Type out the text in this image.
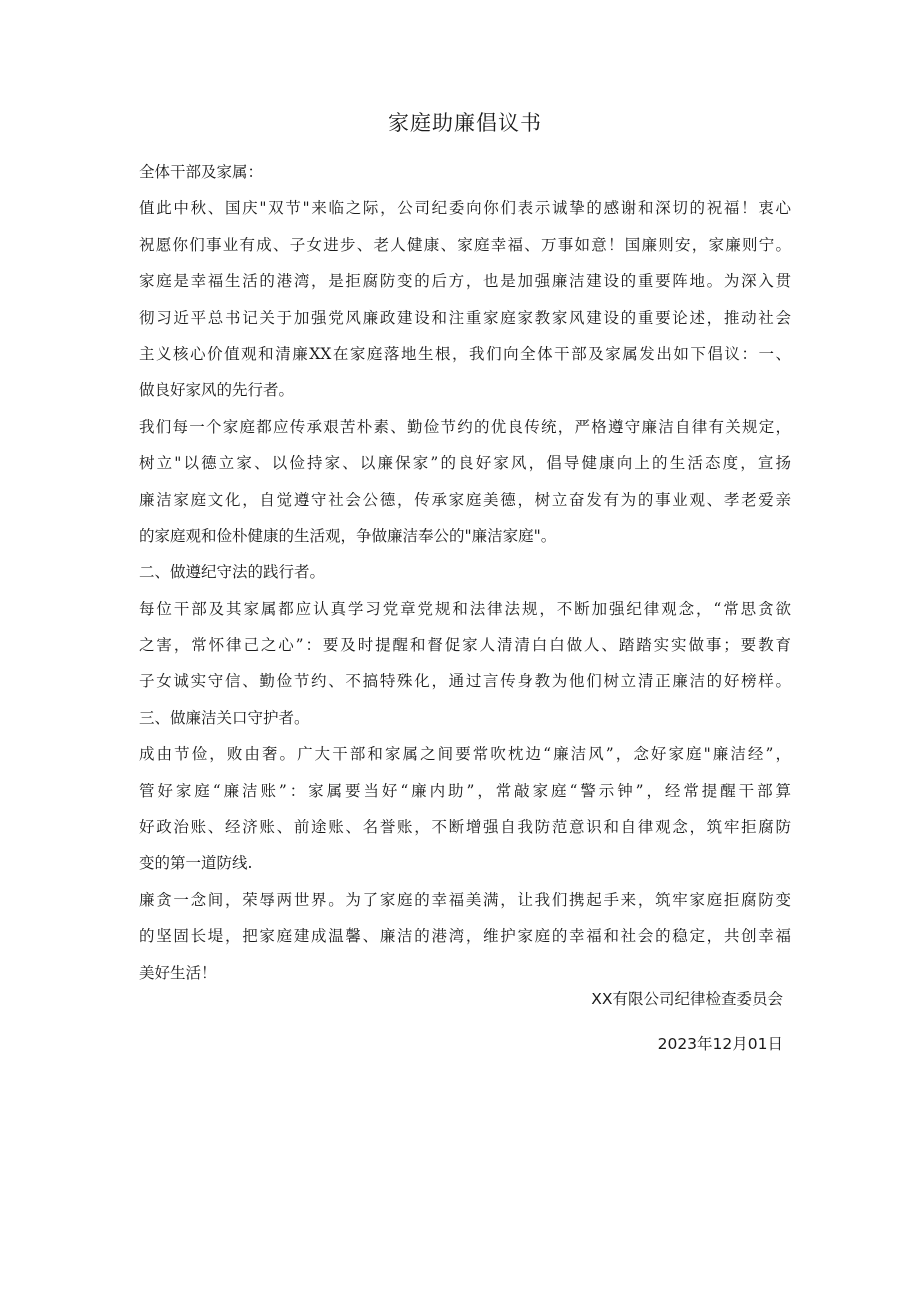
家庭助廉倡议书
全体干部及家属：
值此中秋、国庆"双节"来临之际，公司纪委向你们表示诚挚的感谢和深切的祝福！衷心
祝愿你们事业有成、子女进步、老人健康、家庭幸福、万事如意！国廉则安，家廉则宁。
家庭是幸福生活的港湾，是拒腐防变的后方，也是加强廉洁建设的重要阵地。为深入贯
彻习近平总书记关于加强党风廉政建设和注重家庭家教家风建设的重要论述，推动社会
主义核心价值观和清廉XX在家庭落地生根，我们向全体干部及家属发出如下倡议：一、
做良好家风的先行者。
我们每一个家庭都应传承艰苦朴素、勤俭节约的优良传统，严格遵守廉洁自律有关规定，
树立"以德立家、以俭持家、以廉保家”的良好家风，倡导健康向上的生活态度，宣扬
廉洁家庭文化，自觉遵守社会公德，传承家庭美德，树立奋发有为的事业观、孝老爱亲
的家庭观和俭朴健康的生活观，争做廉洁奉公的"廉洁家庭"。
二、做遵纪守法的践行者。
每位干部及其家属都应认真学习党章党规和法律法规，不断加强纪律观念，“常思贪欲
之害，常怀律己之心”：要及时提醒和督促家人清清白白做人、踏踏实实做事；要教育
子女诚实守信、勤俭节约、不搞特殊化，通过言传身教为他们树立清正廉洁的好榜样。
三、做廉洁关口守护者。
成由节俭，败由奢。广大干部和家属之间要常吹枕边“廉洁风”，念好家庭"廉洁经”，
管好家庭“廉洁账”：家属要当好“廉内助”，常敲家庭“警示钟”，经常提醒干部算
好政治账、经济账、前途账、名誉账，不断增强自我防范意识和自律观念，筑牢拒腐防
变的第一道防线.
廉贪一念间，荣辱两世界。为了家庭的幸福美满，让我们携起手来，筑牢家庭拒腐防变
的坚固长堤，把家庭建成温馨、廉洁的港湾，维护家庭的幸福和社会的稳定，共创幸福
美好生活！
XX有限公司纪律检查委员会
2023年12月01日
